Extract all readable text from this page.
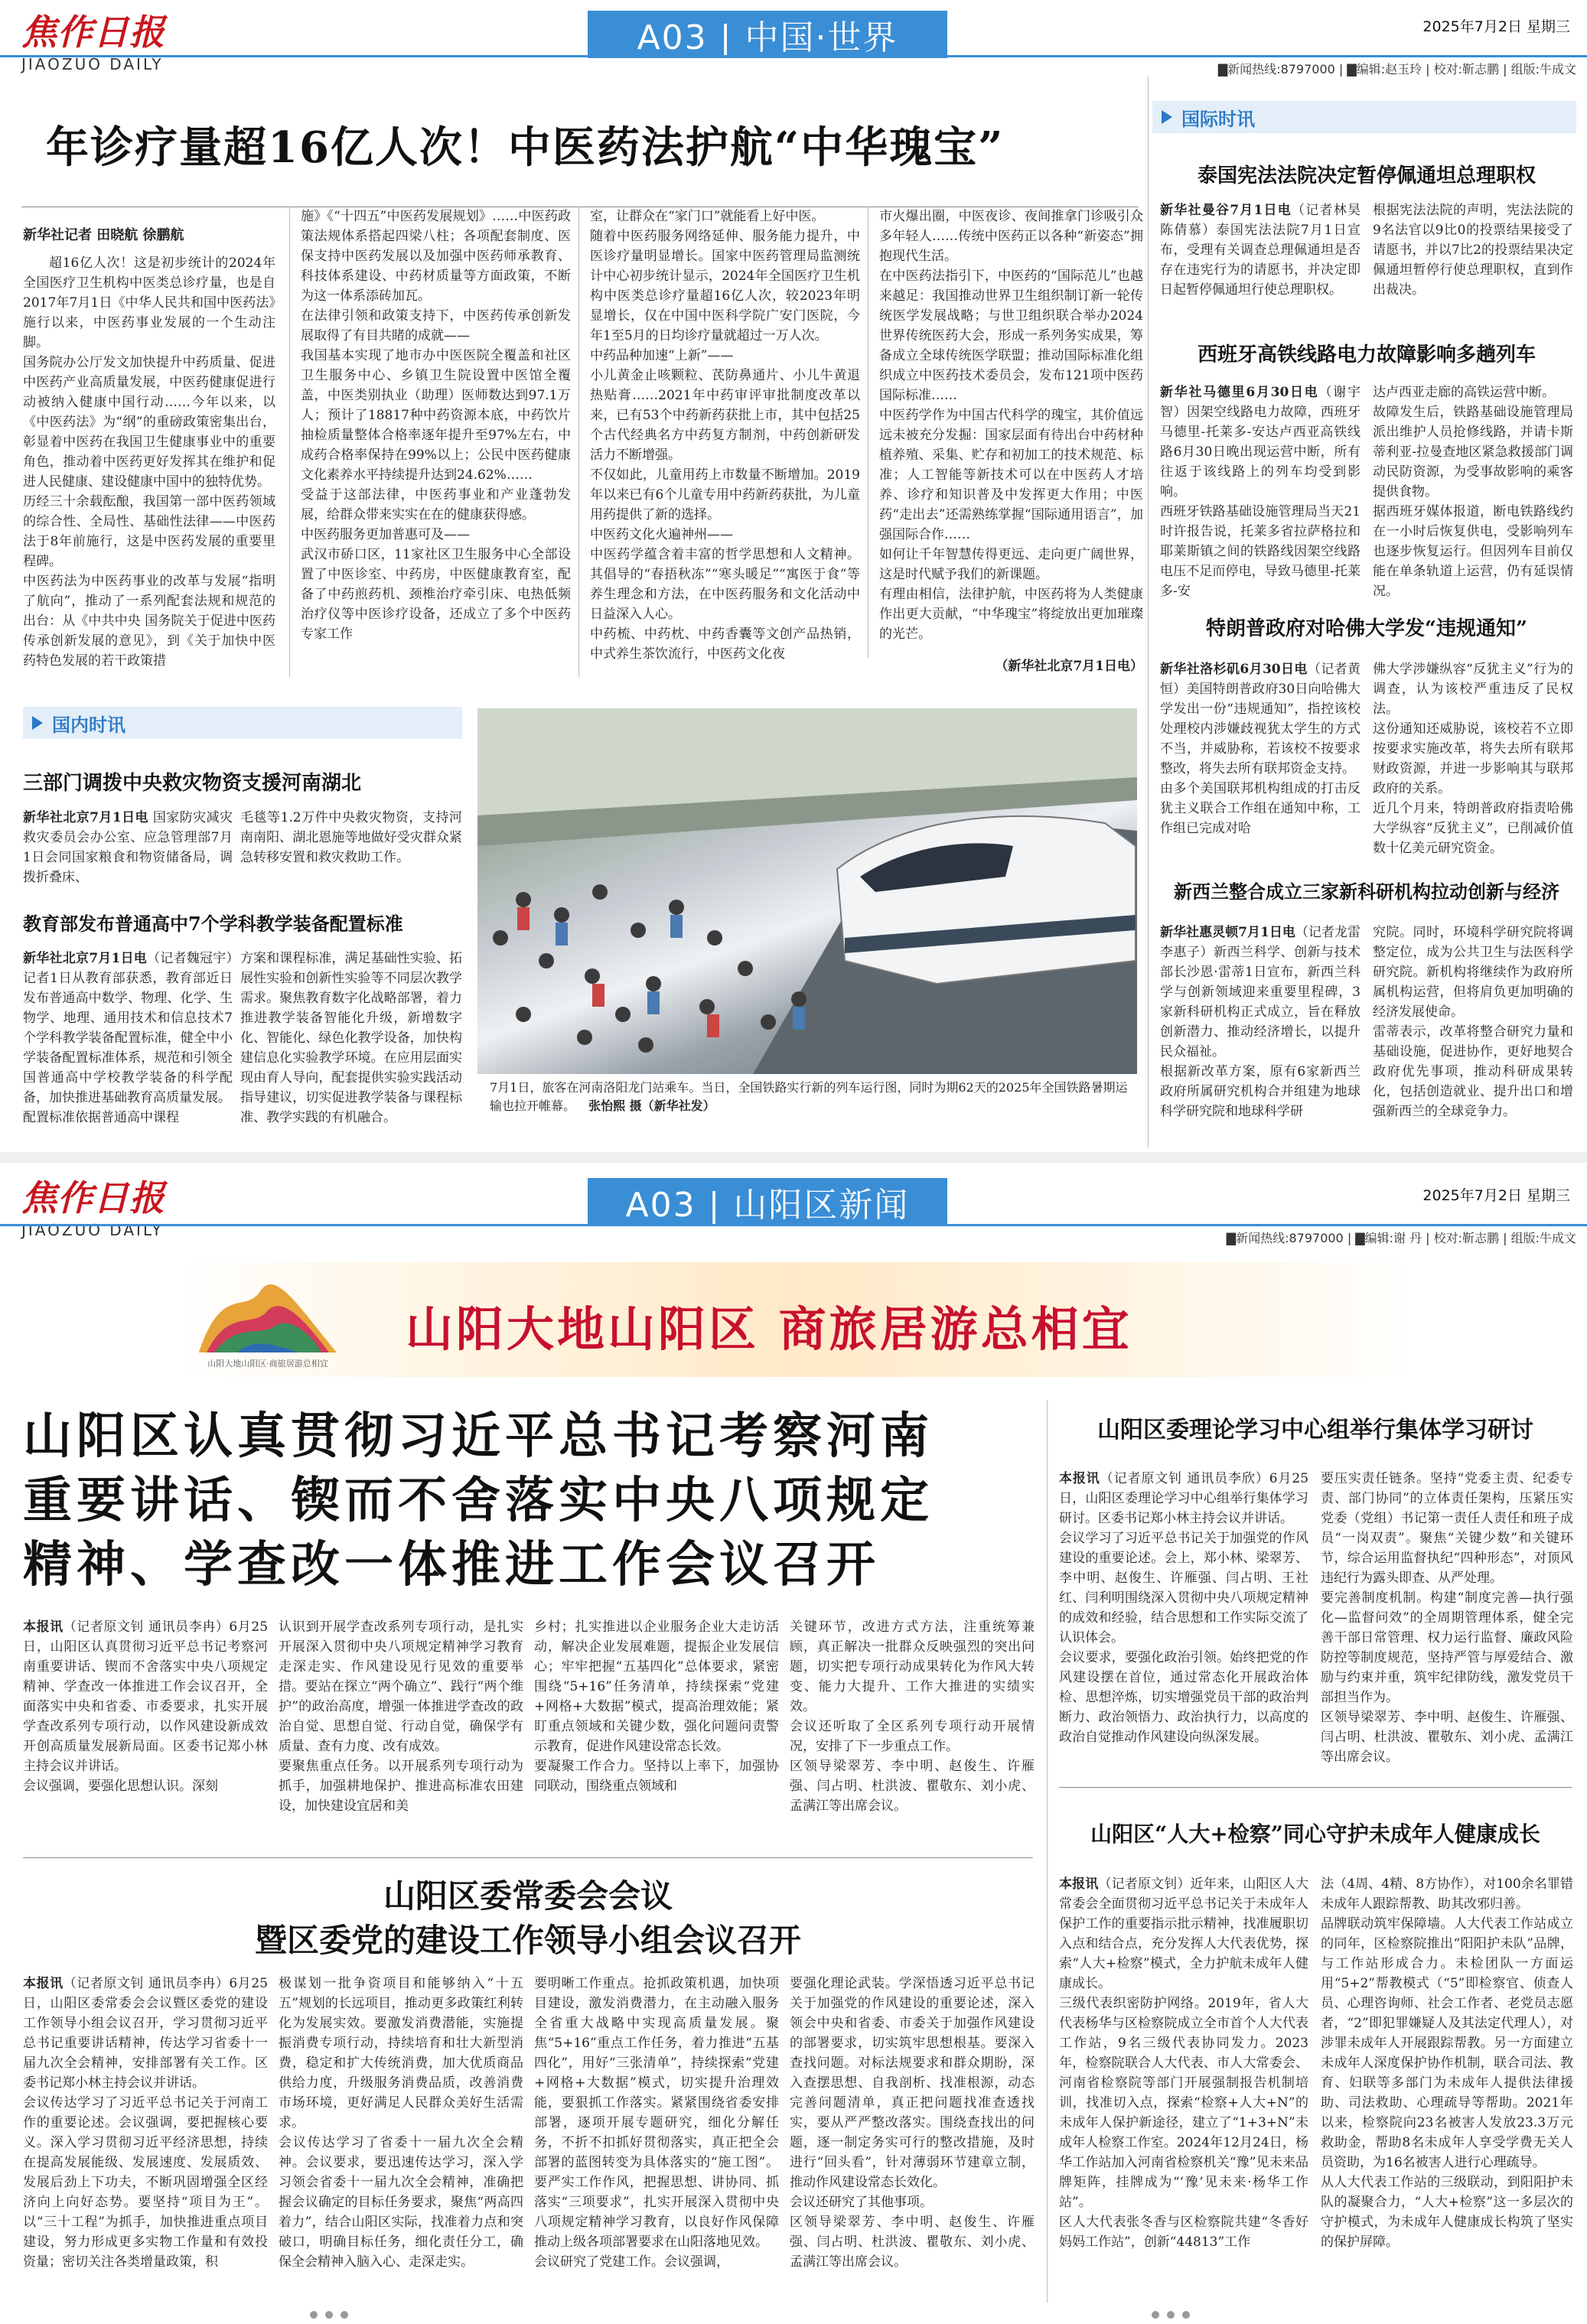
焦作日报
JIAOZUO DAILY
A03 | 中国·世界	2025年7月2日 星期三
▇新闻热线:8797000 | ▇编辑:赵玉玲 | 校对:靳志鹏 | 组版:牛成文
年诊疗量超16亿人次！中医药法护航“中华瑰宝”

新华社记者 田晓航 徐鹏航

超16亿人次！这是初步统计的2024年全国医疗卫生机构中医类总诊疗量，也是自2017年7月1日《中华人民共和国中医药法》施行以来，中医药事业发展的一个生动注脚。
国务院办公厅发文加快提升中药质量、促进中医药产业高质量发展，中医药健康促进行动被纳入健康中国行动……今年以来，以《中医药法》为“纲”的重磅政策密集出台，彰显着中医药在我国卫生健康事业中的重要角色，推动着中医药更好发挥其在维护和促进人民健康、建设健康中国中的独特优势。
历经三十余载酝酿，我国第一部中医药领域的综合性、全局性、基础性法律——中医药法于8年前施行，这是中医药发展的重要里程碑。
中医药法为中医药事业的改革与发展“指明了航向”，推动了一系列配套法规和规范的出台：从《中共中央 国务院关于促进中医药传承创新发展的意见》，到《关于加快中医药特色发展的若干政策措
施》《“十四五”中医药发展规划》……中医药政策法规体系搭起四梁八柱；各项配套制度、医保支持中医药发展以及加强中医药师承教育、科技体系建设、中药材质量等方面政策，不断为这一体系添砖加瓦。
在法律引领和政策支持下，中医药传承创新发展取得了有目共睹的成就——
我国基本实现了地市办中医医院全覆盖和社区卫生服务中心、乡镇卫生院设置中医馆全覆盖，中医类别执业（助理）医师数达到97.1万人；预计了18817种中药资源本底，中药饮片抽检质量整体合格率逐年提升至97%左右，中成药合格率保持在99%以上；公民中医药健康文化素养水平持续提升达到24.62%……
受益于这部法律，中医药事业和产业蓬勃发展，给群众带来实实在在的健康获得感。
中医药服务更加普惠可及——
武汉市硚口区，11家社区卫生服务中心全部设置了中医诊室、中药房，中医健康教育室，配备了中药煎药机、颈椎治疗牵引床、电热低频治疗仪等中医诊疗设备，还成立了多个中医药专家工作
室，让群众在“家门口”就能看上好中医。
随着中医药服务网络延伸、服务能力提升，中医诊疗量明显增长。国家中医药管理局监测统计中心初步统计显示，2024年全国医疗卫生机构中医类总诊疗量超16亿人次，较2023年明显增长，仅在中国中医科学院广安门医院，今年1至5月的日均诊疗量就超过一万人次。
中药品种加速“上新”——
小儿黄金止咳颗粒、芪防鼻通片、小儿牛黄退热贴膏……2021年中药审评审批制度改革以来，已有53个中药新药获批上市，其中包括25个古代经典名方中药复方制剂，中药创新研发活力不断增强。
不仅如此，儿童用药上市数量不断增加。2019年以来已有6个儿童专用中药新药获批，为儿童用药提供了新的选择。
中医药文化火遍神州——
中医药学蕴含着丰富的哲学思想和人文精神。其倡导的“春捂秋冻”“寒头暖足”“寓医于食”等养生理念和方法，在中医药服务和文化活动中日益深入人心。
中药梳、中药枕、中药香囊等文创产品热销，中式养生茶饮流行，中医药文化夜
市火爆出圈，中医夜诊、夜间推拿门诊吸引众多年轻人……传统中医药正以各种“新姿态”拥抱现代生活。
在中医药法指引下，中医药的“国际范儿”也越来越足：我国推动世界卫生组织制订新一轮传统医学发展战略；与世卫组织联合举办2024世界传统医药大会，形成一系列务实成果，筹备成立全球传统医学联盟；推动国际标准化组织成立中医药技术委员会，发布121项中医药国际标准……
中医药学作为中国古代科学的瑰宝，其价值远远未被充分发掘：国家层面有待出台中药材种植养殖、采集、贮存和初加工的技术规范、标准；人工智能等新技术可以在中医药人才培养、诊疗和知识普及中发挥更大作用；中医药“走出去”还需熟练掌握“国际通用语言”，加强国际合作……
如何让千年智慧传得更远、走向更广阔世界，这是时代赋予我们的新课题。
有理由相信，法律护航，中医药将为人类健康作出更大贡献，“中华瑰宝”将绽放出更加璀璨的光芒。
（新华社北京7月1日电）
国际时讯
泰国宪法法院决定暂停佩通坦总理职权
新华社曼谷7月1日电（记者林昊 陈倩慕）泰国宪法法院7月1日宣布，受理有关调查总理佩通坦是否存在违宪行为的请愿书，并决定即日起暂停佩通坦行使总理职权。
根据宪法法院的声明，宪法法院的9名法官以9比0的投票结果接受了请愿书，并以7比2的投票结果决定佩通坦暂停行使总理职权，直到作出裁决。
西班牙高铁线路电力故障影响多趟列车
新华社马德里6月30日电（谢宇智）因架空线路电力故障，西班牙马德里-托莱多-安达卢西亚高铁线路6月30日晚出现运营中断，所有往返于该线路上的列车均受到影响。
西班牙铁路基础设施管理局当天21时许报告说，托莱多省拉萨格拉和耶莱斯镇之间的铁路线因架空线路电压不足而停电，导致马德里-托莱多-安
达卢西亚走廊的高铁运营中断。
故障发生后，铁路基础设施管理局派出维护人员抢修线路，并请卡斯蒂利亚-拉曼查地区紧急救援部门调动民防资源，为受事故影响的乘客提供食物。
据西班牙媒体报道，断电铁路线约在一小时后恢复供电，受影响列车也逐步恢复运行。但因列车目前仅能在单条轨道上运营，仍有延误情况。
特朗普政府对哈佛大学发“违规通知”
新华社洛杉矶6月30日电（记者黄恒）美国特朗普政府30日向哈佛大学发出一份“违规通知”，指控该校处理校内涉嫌歧视犹太学生的方式不当，并威胁称，若该校不按要求整改，将失去所有联邦资金支持。
由多个美国联邦机构组成的打击反犹主义联合工作组在通知中称，工作组已完成对哈
佛大学涉嫌纵容“反犹主义”行为的调查，认为该校严重违反了民权法。
这份通知还威胁说，该校若不立即按要求实施改革，将失去所有联邦财政资源，并进一步影响其与联邦政府的关系。
近几个月来，特朗普政府指责哈佛大学纵容“反犹主义”，已削减价值数十亿美元研究资金。
新西兰整合成立三家新科研机构拉动创新与经济
新华社惠灵顿7月1日电（记者龙雷 李惠子）新西兰科学、创新与技术部长沙恩·雷蒂1日宣布，新西兰科学与创新领域迎来重要里程碑，3家新科研机构正式成立，旨在释放创新潜力、推动经济增长，以提升民众福祉。
根据新改革方案，原有6家新西兰政府所属研究机构合并组建为地球科学研究院和地球科学研
究院。同时，环境科学研究院将调整定位，成为公共卫生与法医科学研究院。新机构将继续作为政府所属机构运营，但将肩负更加明确的经济发展使命。
雷蒂表示，改革将整合研究力量和基础设施，促进协作，更好地契合政府优先事项，推动科研成果转化，包括创造就业、提升出口和增强新西兰的全球竞争力。
国内时讯
三部门调拨中央救灾物资支援河南湖北
新华社北京7月1日电 国家防灾减灾救灾委员会办公室、应急管理部7月1日会同国家粮食和物资储备局，调拨折叠床、
毛毯等1.2万件中央救灾物资，支持河南南阳、湖北恩施等地做好受灾群众紧急转移安置和救灾救助工作。
教育部发布普通高中7个学科教学装备配置标准
新华社北京7月1日电（记者魏冠宇）记者1日从教育部获悉，教育部近日发布普通高中数学、物理、化学、生物学、地理、通用技术和信息技术7个学科教学装备配置标准，健全中小学装备配置标准体系，规范和引领全国普通高中学校教学装备的科学配备，加快推进基础教育高质量发展。
配置标准依据普通高中课程
方案和课程标准，满足基础性实验、拓展性实验和创新性实验等不同层次教学需求。聚焦教育数字化战略部署，着力推进教学装备智能化升级，新增数字化、智能化、绿色化教学设备，加快构建信息化实验教学环境。在应用层面实现由育人导向，配套提供实验实践活动指导建议，切实促进教学装备与课程标准、教学实践的有机融合。
7月1日，旅客在河南洛阳龙门站乘车。当日，全国铁路实行新的列车运行图，同时为期62天的2025年全国铁路暑期运输也拉开帷幕。 张怡熙 摄（新华社发）
焦作日报
JIAOZUO DAILY
A03 | 山阳区新闻	2025年7月2日 星期三
▇新闻热线:8797000 | ▇编辑:谢 丹 | 校对:靳志鹏 | 组版:牛成文
山阳大地山阳区·商旅居游总相宜
山阳大地山阳区 商旅居游总相宜
山阳区认真贯彻习近平总书记考察河南
重要讲话、锲而不舍落实中央八项规定
精神、学查改一体推进工作会议召开
本报讯（记者原文钊 通讯员李冉）6月25日，山阳区认真贯彻习近平总书记考察河南重要讲话、锲而不舍落实中央八项规定精神、学查改一体推进工作会议召开，全面落实中央和省委、市委要求，扎实开展学查改系列专项行动，以作风建设新成效开创高质量发展新局面。区委书记郑小林主持会议并讲话。
会议强调，要强化思想认识。深刻
认识到开展学查改系列专项行动，是扎实开展深入贯彻中央八项规定精神学习教育走深走实、作风建设见行见效的重要举措。要站在探立“两个确立”、践行“两个维护”的政治高度，增强一体推进学查改的政治自觉、思想自觉、行动自觉，确保学有质量、查有力度、改有成效。
要聚焦重点任务。以开展系列专项行动为抓手，加强耕地保护、推进高标准农田建设，加快建设宜居和美
乡村；扎实推进以企业服务企业大走访活动，解决企业发展难题，提振企业发展信心；牢牢把握“五基四化”总体要求，紧密围绕“5+16”任务清单，持续探索“党建+网格+大数据”模式，提高治理效能；紧盯重点领域和关键少数，强化问题问责警示教育，促进作风建设常态长效。
要凝聚工作合力。坚持以上率下，加强协同联动，围绕重点领域和
关键环节，改进方式方法，注重统筹兼顾，真正解决一批群众反映强烈的突出问题，切实把专项行动成果转化为作风大转变、能力大提升、工作大推进的实绩实效。
会议还听取了全区系列专项行动开展情况，安排了下一步重点工作。
区领导梁翠芳、李中明、赵俊生、许雁强、闫占明、杜洪波、瞿敬东、刘小虎、孟满江等出席会议。
山阳区委理论学习中心组举行集体学习研讨
本报讯（记者原文钊 通讯员李欣）6月25日，山阳区委理论学习中心组举行集体学习研讨。区委书记郑小林主持会议并讲话。
会议学习了习近平总书记关于加强党的作风建设的重要论述。会上，郑小林、梁翠芳、李中明、赵俊生、许雁强、闫占明、王社红、闫利明围绕深入贯彻中央八项规定精神的成效和经验，结合思想和工作实际交流了认识体会。
会议要求，要强化政治引领。始终把党的作风建设摆在首位，通过常态化开展政治体检、思想淬炼，切实增强党员干部的政治判断力、政治领悟力、政治执行力，以高度的政治自觉推动作风建设向纵深发展。
要压实责任链条。坚持“党委主责、纪委专责、部门协同”的立体责任架构，压紧压实党委（党组）书记第一责任人责任和班子成员“一岗双责”。聚焦“关键少数”和关键环节，综合运用监督执纪“四种形态”，对顶风违纪行为露头即查、从严处理。
要完善制度机制。构建“制度完善—执行强化—监督问效”的全周期管理体系，健全完善干部日常管理、权力运行监督、廉政风险防控等制度规范，坚持严管与厚爱结合、激励与约束并重，筑牢纪律防线，激发党员干部担当作为。
区领导梁翠芳、李中明、赵俊生、许雁强、闫占明、杜洪波、瞿敬东、刘小虎、孟满江等出席会议。
山阳区委常委会会议
暨区委党的建设工作领导小组会议召开
本报讯（记者原文钊 通讯员李冉）6月25日，山阳区委常委会会议暨区委党的建设工作领导小组会议召开，学习贯彻习近平总书记重要讲话精神，传达学习省委十一届九次全会精神，安排部署有关工作。区委书记郑小林主持会议并讲话。
会议传达学习了习近平总书记关于河南工作的重要论述。会议强调，要把握核心要义。深入学习贯彻习近平经济思想，持续在提高发展能级、发展速度、发展质效、发展后劲上下功夫，不断巩固增强全区经济向上向好态势。要坚持“项目为王”。以“三十工程”为抓手，加快推进重点项目建设，努力形成更多实物工作量和有效投资量；密切关注各类增量政策，积
极谋划一批争资项目和能够纳入“十五五”规划的长远项目，推动更多政策红利转化为发展实效。要激发消费潜能，实施提振消费专项行动，持续培育和壮大新型消费，稳定和扩大传统消费，加大优质商品供给力度，升级服务消费品质，改善消费市场环境，更好满足人民群众美好生活需求。
会议传达学习了省委十一届九次全会精神。会议要求，要迅速传达学习，深入学习领会省委十一届九次全会精神，准确把握会议确定的目标任务要求，聚焦“两高四着力”，结合山阳区实际，找准着力点和突破口，明确目标任务，细化责任分工，确保全会精神入脑入心、走深走实。
要明晰工作重点。抢抓政策机遇，加快项目建设，激发消费潜力，在主动融入服务全省重大战略中实现高质量发展。聚焦“5+16”重点工作任务，着力推进“五基四化”，用好“三张清单”，持续探索“党建+网格+大数据”模式，切实提升治理效能，要狠抓工作落实。紧紧围绕省委安排部署，逐项开展专题研究，细化分解任务，不折不扣抓好贯彻落实，真正把全会部署的蓝图转变为具体落实的“施工图”。要严实工作作风，把握思想、讲协同、抓落实“三项要求”，扎实开展深入贯彻中央八项规定精神学习教育，以良好作风保障推动上级各项部署要求在山阳落地见效。
会议研究了党建工作。会议强调，
要强化理论武装。学深悟透习近平总书记关于加强党的作风建设的重要论述，深入领会中央和省委、市委关于加强作风建设的部署要求，切实筑牢思想根基。要深入查找问题。对标法规要求和群众期盼，深入查摆思想、自我剖析、找准根源，动态完善问题清单，真正把问题找准查透找实，要从严严整改落实。围绕查找出的问题，逐一制定务实可行的整改措施，及时进行“回头看”，针对薄弱环节建章立制，推动作风建设常态长效化。
会议还研究了其他事项。
区领导梁翠芳、李中明、赵俊生、许雁强、闫占明、杜洪波、瞿敬东、刘小虎、孟满江等出席会议。
山阳区“人大+检察”同心守护未成年人健康成长
本报讯（记者原文钊）近年来，山阳区人大常委会全面贯彻习近平总书记关于未成年人保护工作的重要指示批示精神，找准履职切入点和结合点，充分发挥人大代表优势，探索“人大+检察”模式，全力护航未成年人健康成长。
三级代表织密防护网络。2019年，省人大代表杨华与区检察院成立全市首个人大代表工作站，9名三级代表协同发力。2023年，检察院联合人大代表、市人大常委会、河南省检察院等部门开展强制报告机制培训，找准切入点，探索“检察+人大+N”的未成年人保护新途径，建立了“1+3+N”未成年人检察工作室。2024年12月24日，杨华工作站加入河南省检察机关“豫”见未来品牌矩阵，挂牌成为“‘豫’见未来·杨华工作站”。
区人大代表张冬香与区检察院共建“冬香好妈妈工作站”，创新“44813”工作
法（4周、4精、8方协作），对100余名罪错未成年人跟踪帮教、助其改邪归善。
品牌联动筑牢保障墙。人大代表工作站成立的同年，区检察院推出“阳阳护未队”品牌，与工作站形成合力。未检团队一方面运用“5+2”帮教模式（“5”即检察官、侦查人员、心理咨询师、社会工作者、老党员志愿者，“2”即犯罪嫌疑人及其法定代理人），对涉罪未成年人开展跟踪帮教。另一方面建立未成年人深度保护协作机制，联合司法、教育、妇联等多部门为未成年人提供法律援助、司法救助、心理疏导等帮助。2021年以来，检察院向23名被害人发放23.3万元救助金，帮助8名未成年人享受学费无关人员资助，为16名被害人进行心理疏导。
从人大代表工作站的三级联动，到阳阳护未队的凝聚合力，“人大+检察”这一多层次的守护模式，为未成年人健康成长构筑了坚实的保护屏障。
